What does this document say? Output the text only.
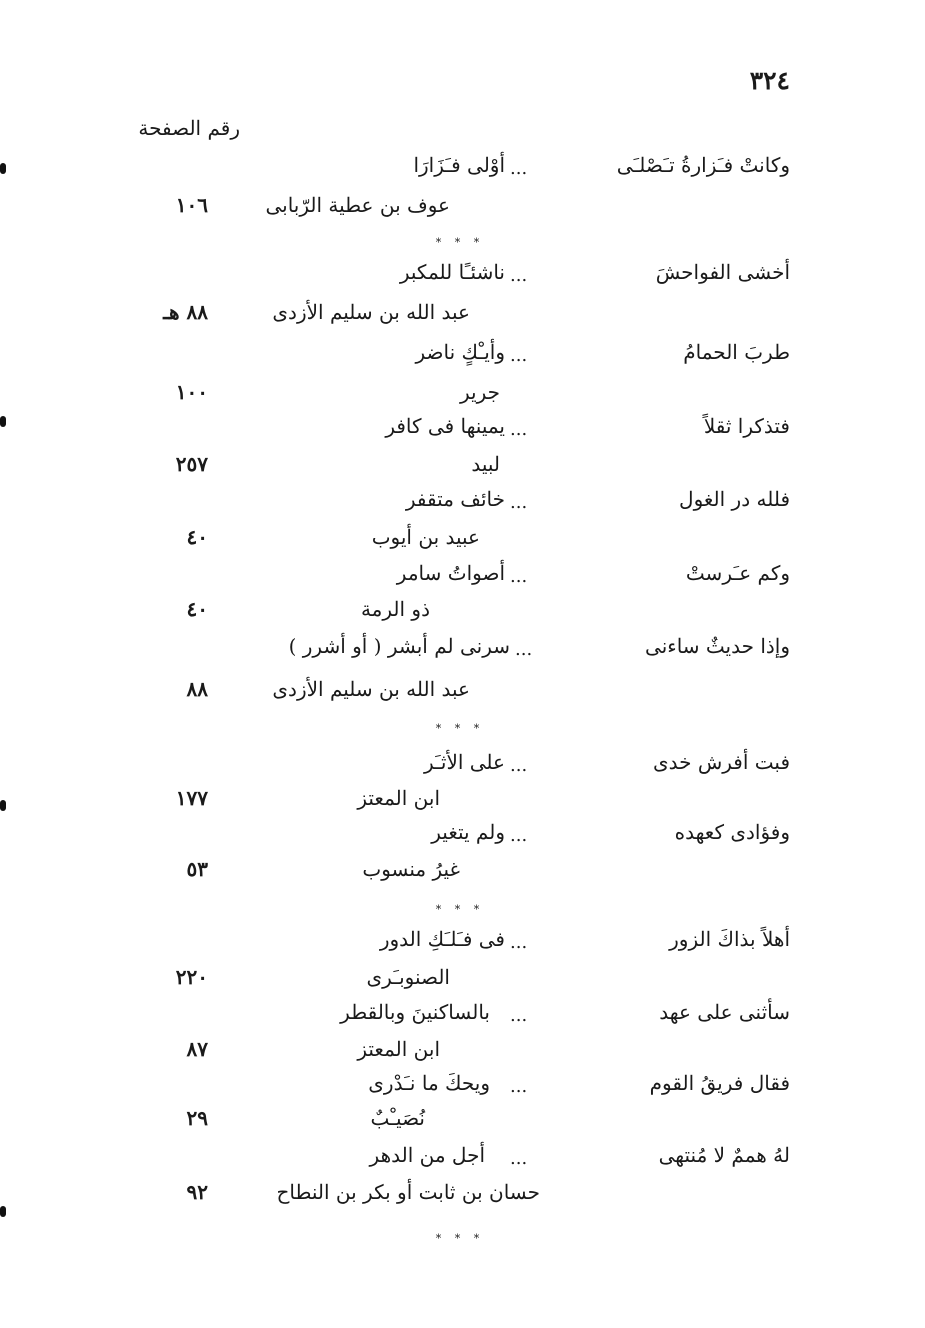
٣٢٤
رقم الصفحة
وكانتْ فـَزارةُ تـَصْلـَى
...
أوْلى فـَزَارَا
عوف بن عطية الرّبابى
١٠٦
* * *
أخشى الفواحشَ
...
ناشئـًا للمكبر
عبد الله بن سليم الأزدى
٨٨ هـ
طربَ الحمامُ
...
وأيـْكٍ ناضر
جرير
١٠٠
فتذكرا ثقلاً
...
يمينها فى كافر
لبيد
٢٥٧
فلله در الغول
...
خائف متقفر
عبيد بن أيوب
٤٠
وكم عـَرستْ
...
أصواتُ سامر
ذو الرمة
٤٠
وإذا حديثٌ ساءنى
...
سرنى لم أبشر ( أو أشرر )
عبد الله بن سليم الأزدى
٨٨
* * *
فبت أفرش خدى
...
على الأثـَر
ابن المعتز
١٧٧
وفؤادى كعهده
...
ولم يتغير
غيرُ منسوب
٥٣
* * *
أهلاً بذاكَ الزور
...
فى فـَلـَكِ الدور
الصنوبـَرى
٢٢٠
سأثنى على عهد
...
بالساكنينَ وبالقطر
ابن المعتز
٨٧
فقال فريقُ القوم
...
ويحكَ ما نـَدْرى
نُصَيـْبٌ
٢٩
لهُ هممٌ لا مُنتهى
...
أجل من الدهر
حسان بن ثابت أو بكر بن النطاح
٩٢
* * *
